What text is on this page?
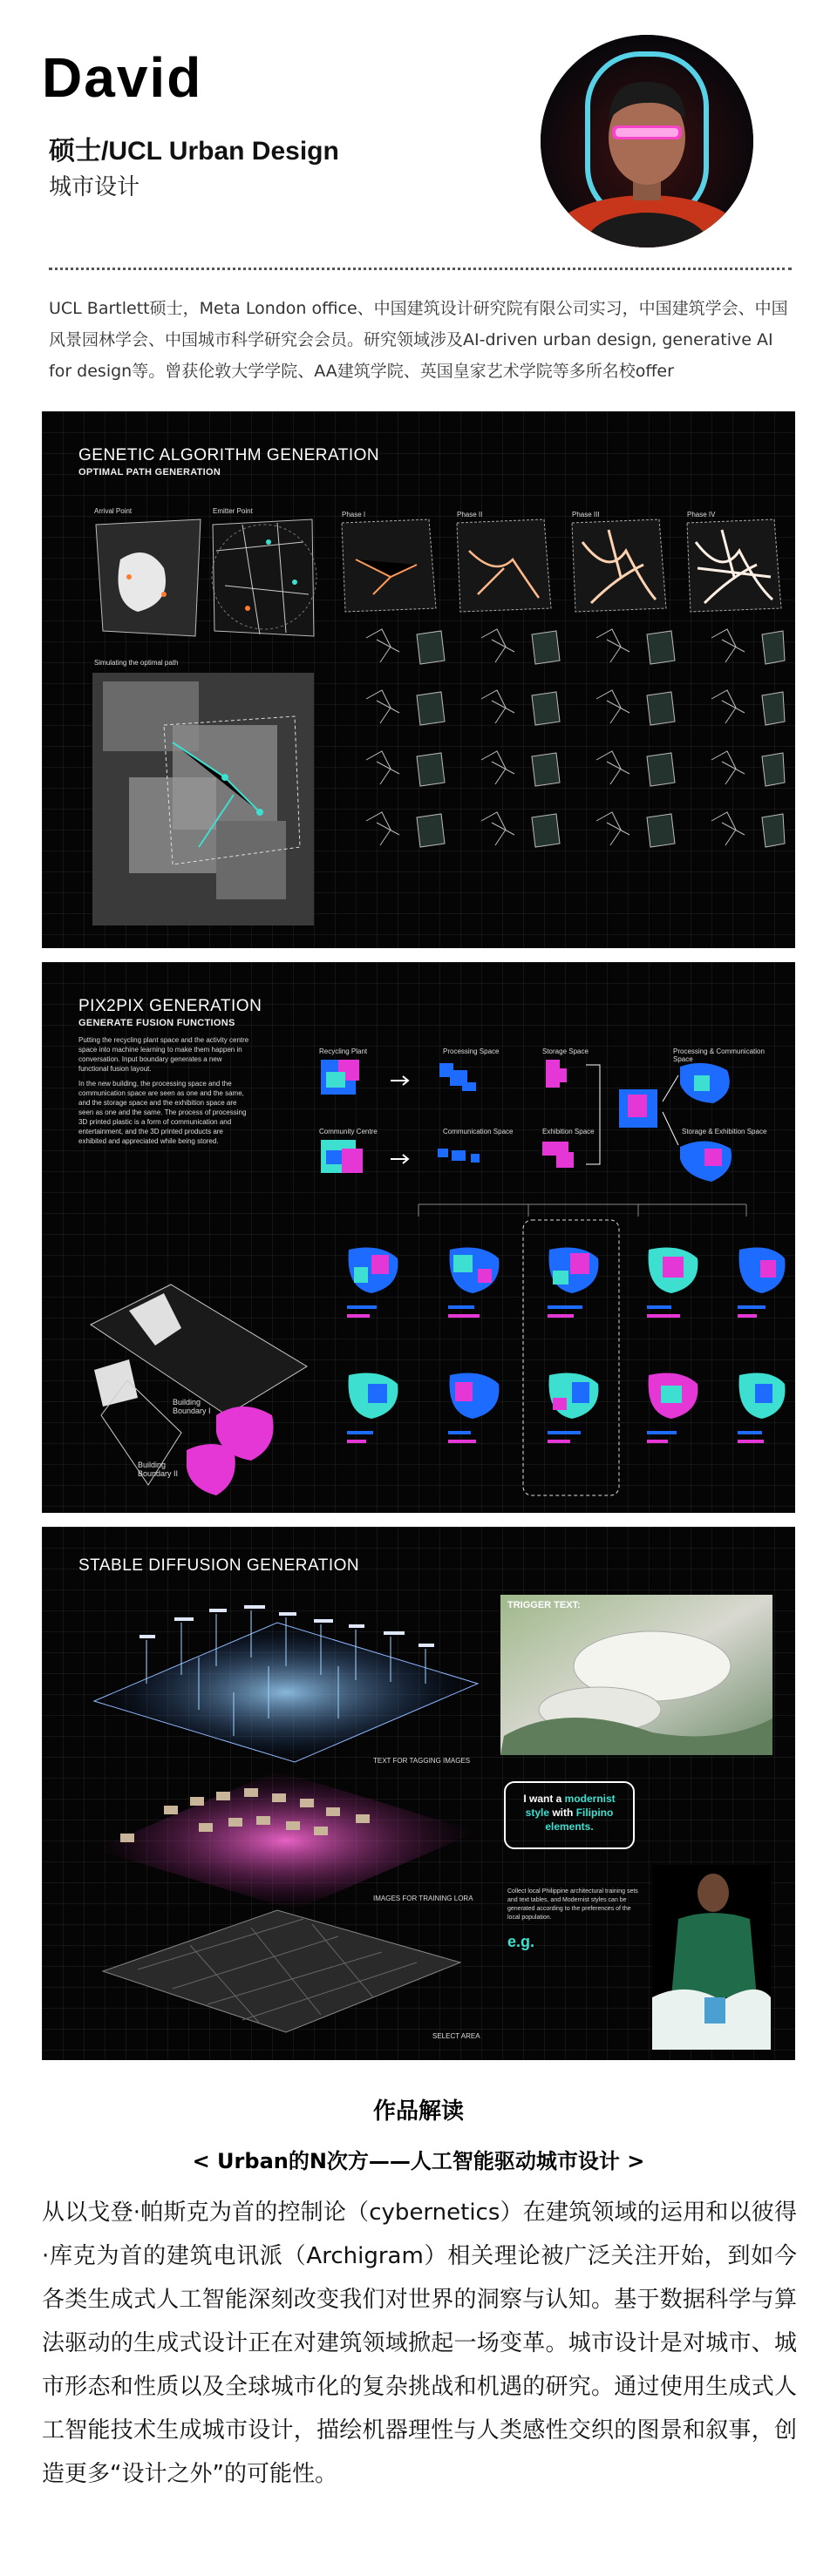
David
硕士/UCL Urban Design
城市设计
UCL Bartlett硕士，Meta London office、中国建筑设计研究院有限公司实习，中国建筑学会、中国风景园林学会、中国城市科学研究会会员。研究领域涉及AI-driven urban design, generative AI for design等。曾获伦敦大学学院、AA建筑学院、英国皇家艺术学院等多所名校offer
GENETIC ALGORITHM GENERATION
OPTIMAL PATH GENERATION
Arrival Point	Emitter Point
Simulating the optimal path
Phase I	Phase II	Phase III	Phase IV
PIX2PIX GENERATION
GENERATE FUSION FUNCTIONS
Putting the recycling plant space and the activity centre space into machine learning to make them happen in conversation. Input boundary generates a new functional fusion layout.
In the new building, the processing space and the communication space are seen as one and the same, and the storage space and the exhibition space are seen as one and the same. The process of processing 3D printed plastic is a form of communication and entertainment, and the 3D printed products are exhibited and appreciated while being stored.
Recycling Plant	Processing Space	Storage Space
Community Centre	Communication Space	Exhibition Space
Processing & Communication Space
Storage & Exhibition Space
Building Boundary I
Building Boundary II
STABLE DIFFUSION GENERATION
TEXT FOR TAGGING IMAGES
IMAGES FOR TRAINING LORA
SELECT AREA
TRIGGER TEXT:
I want a modernist style with Filipino elements.
Collect local Philippine architectural training sets and text tables, and Modernist styles can be generated according to the preferences of the local population.
e.g.
作品解读
< Urban的N次方——人工智能驱动城市设计 >
从以戈登·帕斯克为首的控制论（cybernetics）在建筑领域的运用和以彼得·库克为首的建筑电讯派（Archigram）相关理论被广泛关注开始，到如今各类生成式人工智能深刻改变我们对世界的洞察与认知。基于数据科学与算法驱动的生成式设计正在对建筑领域掀起一场变革。城市设计是对城市、城市形态和性质以及全球城市化的复杂挑战和机遇的研究。通过使用生成式人工智能技术生成城市设计，描绘机器理性与人类感性交织的图景和叙事，创造更多“设计之外”的可能性。
